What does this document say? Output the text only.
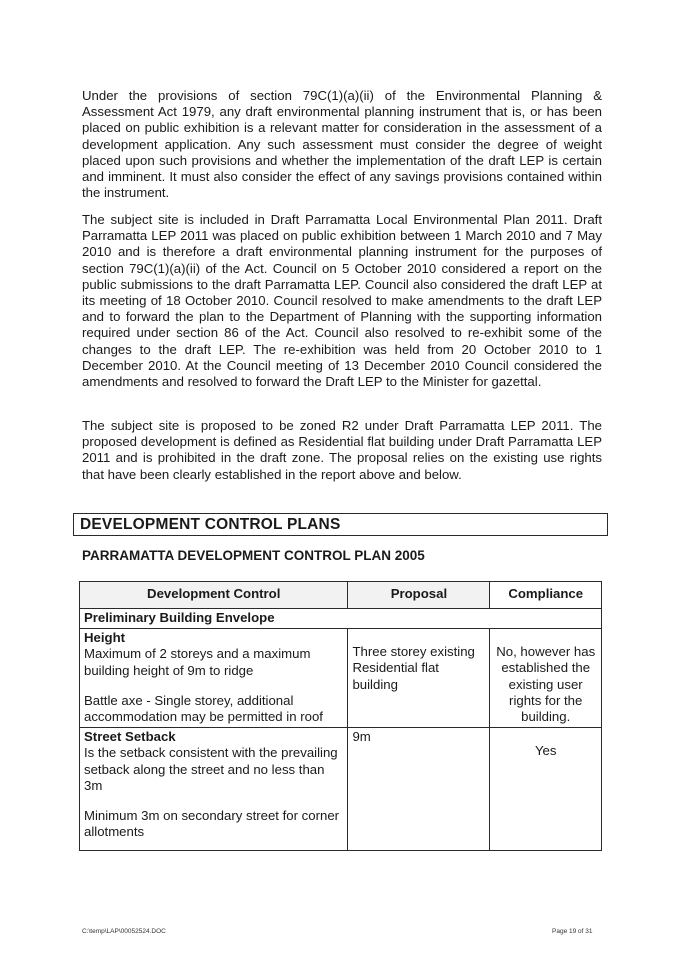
Under the provisions of section 79C(1)(a)(ii) of the Environmental Planning & Assessment Act 1979, any draft environmental planning instrument that is, or has been placed on public exhibition is a relevant matter for consideration in the assessment of a development application. Any such assessment must consider the degree of weight placed upon such provisions and whether the implementation of the draft LEP is certain and imminent. It must also consider the effect of any savings provisions contained within the instrument.

The subject site is included in Draft Parramatta Local Environmental Plan 2011. Draft Parramatta LEP 2011 was placed on public exhibition between 1 March 2010 and 7 May 2010 and is therefore a draft environmental planning instrument for the purposes of section 79C(1)(a)(ii) of the Act. Council on 5 October 2010 considered a report on the public submissions to the draft Parramatta LEP. Council also considered the draft LEP at its meeting of 18 October 2010. Council resolved to make amendments to the draft LEP and to forward the plan to the Department of Planning with the supporting information required under section 86 of the Act. Council also resolved to re-exhibit some of the changes to the draft LEP. The re-exhibition was held from 20 October 2010 to 1 December 2010. At the Council meeting of 13 December 2010 Council considered the amendments and resolved to forward the Draft LEP to the Minister for gazettal.

The subject site is proposed to be zoned R2 under Draft Parramatta LEP 2011. The proposed development is defined as Residential flat building under Draft Parramatta LEP 2011 and is prohibited in the draft zone. The proposal relies on the existing use rights that have been clearly established in the report above and below.

DEVELOPMENT CONTROL PLANS

PARRAMATTA DEVELOPMENT CONTROL PLAN 2005

Development Control	Proposal	Compliance
Preliminary Building Envelope		

Height
Maximum of 2 storeys and a maximum building height of 9m to ridge
Battle axe - Single storey, additional accommodation may be permitted in roof	Three storey existing Residential flat building	No, however has established the existing user rights for the building.

Street Setback
Is the setback consistent with the prevailing setback along the street and no less than 3m
Minimum 3m on secondary street for corner allotments	9m	Yes
C:\temp\LAP\00052524.DOC	Page 19 of 31
